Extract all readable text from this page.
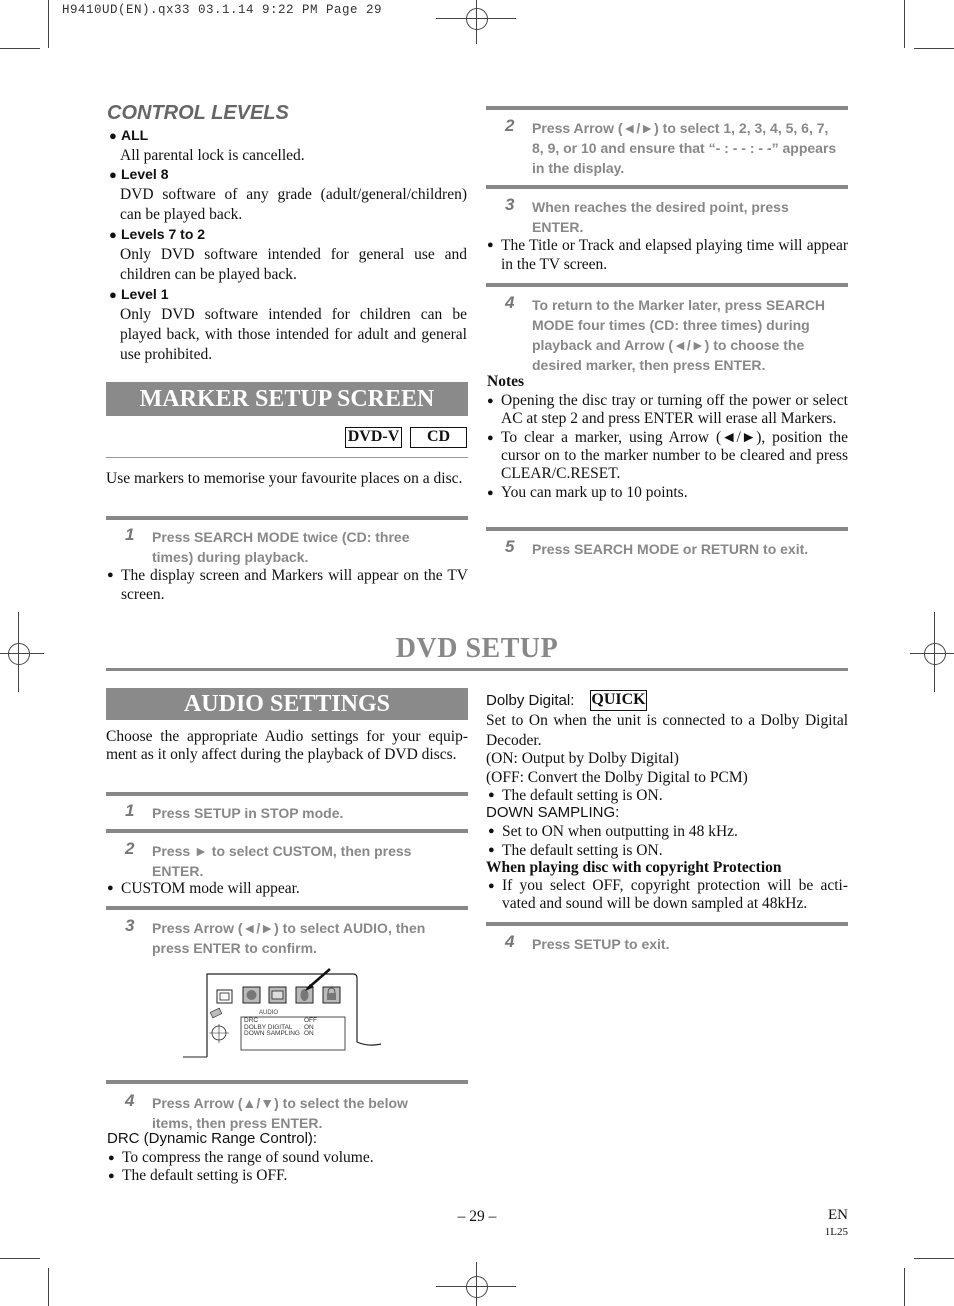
H9410UD(EN).qx33 03.1.14 9:22 PM Page 29
CONTROL LEVELS
● ALL
All parental lock is cancelled.
● Level 8
DVD software of any grade (adult/general/children) can be played back.
● Levels 7 to 2
Only DVD software intended for general use and children can be played back.
● Level 1
Only DVD software intended for children can be played back, with those intended for adult and general use prohibited.
MARKER SETUP SCREEN
DVD-V	CD
Use markers to memorise your favourite places on a disc.
1 Press SEARCH MODE twice (CD: three times) during playback.
● The display screen and Markers will appear on the TV screen.
2 Press Arrow (◄/►) to select 1, 2, 3, 4, 5, 6, 7, 8, 9, or 10 and ensure that “- : - - : - -” appears in the display.
3 When reaches the desired point, press ENTER.
● The Title or Track and elapsed playing time will appear in the TV screen.
4 To return to the Marker later, press SEARCH MODE four times (CD: three times) during playback and Arrow (◄/►) to choose the desired marker, then press ENTER.
Notes
● Opening the disc tray or turning off the power or select AC at step 2 and press ENTER will erase all Markers.
● To clear a marker, using Arrow (◄/►), position the cursor on to the marker number to be cleared and press CLEAR/C.RESET.
● You can mark up to 10 points.
5 Press SEARCH MODE or RETURN to exit.
DVD SETUP
AUDIO SETTINGS
Choose the appropriate Audio settings for your equip-ment as it only affect during the playback of DVD discs.
1 Press SETUP in STOP mode.
2 Press ► to select CUSTOM, then press ENTER.
● CUSTOM mode will appear.
3 Press Arrow (◄/►) to select AUDIO, then press ENTER to confirm.
AUDIO
DRC
DOLBY DIGITAL
DOWN SAMPLING
OFF
ON
ON
4 Press Arrow (▲/▼) to select the below items, then press ENTER.
DRC (Dynamic Range Control):
● To compress the range of sound volume.
● The default setting is OFF.
Dolby Digital: QUICK
Set to On when the unit is connected to a Dolby Digital Decoder.
(ON: Output by Dolby Digital)
(OFF: Convert the Dolby Digital to PCM)
● The default setting is ON.
DOWN SAMPLING:
● Set to ON when outputting in 48 kHz.
● The default setting is ON.
When playing disc with copyright Protection
● If you select OFF, copyright protection will be acti-vated and sound will be down sampled at 48kHz.
4 Press SETUP to exit.
– 29 –	EN
1L25
